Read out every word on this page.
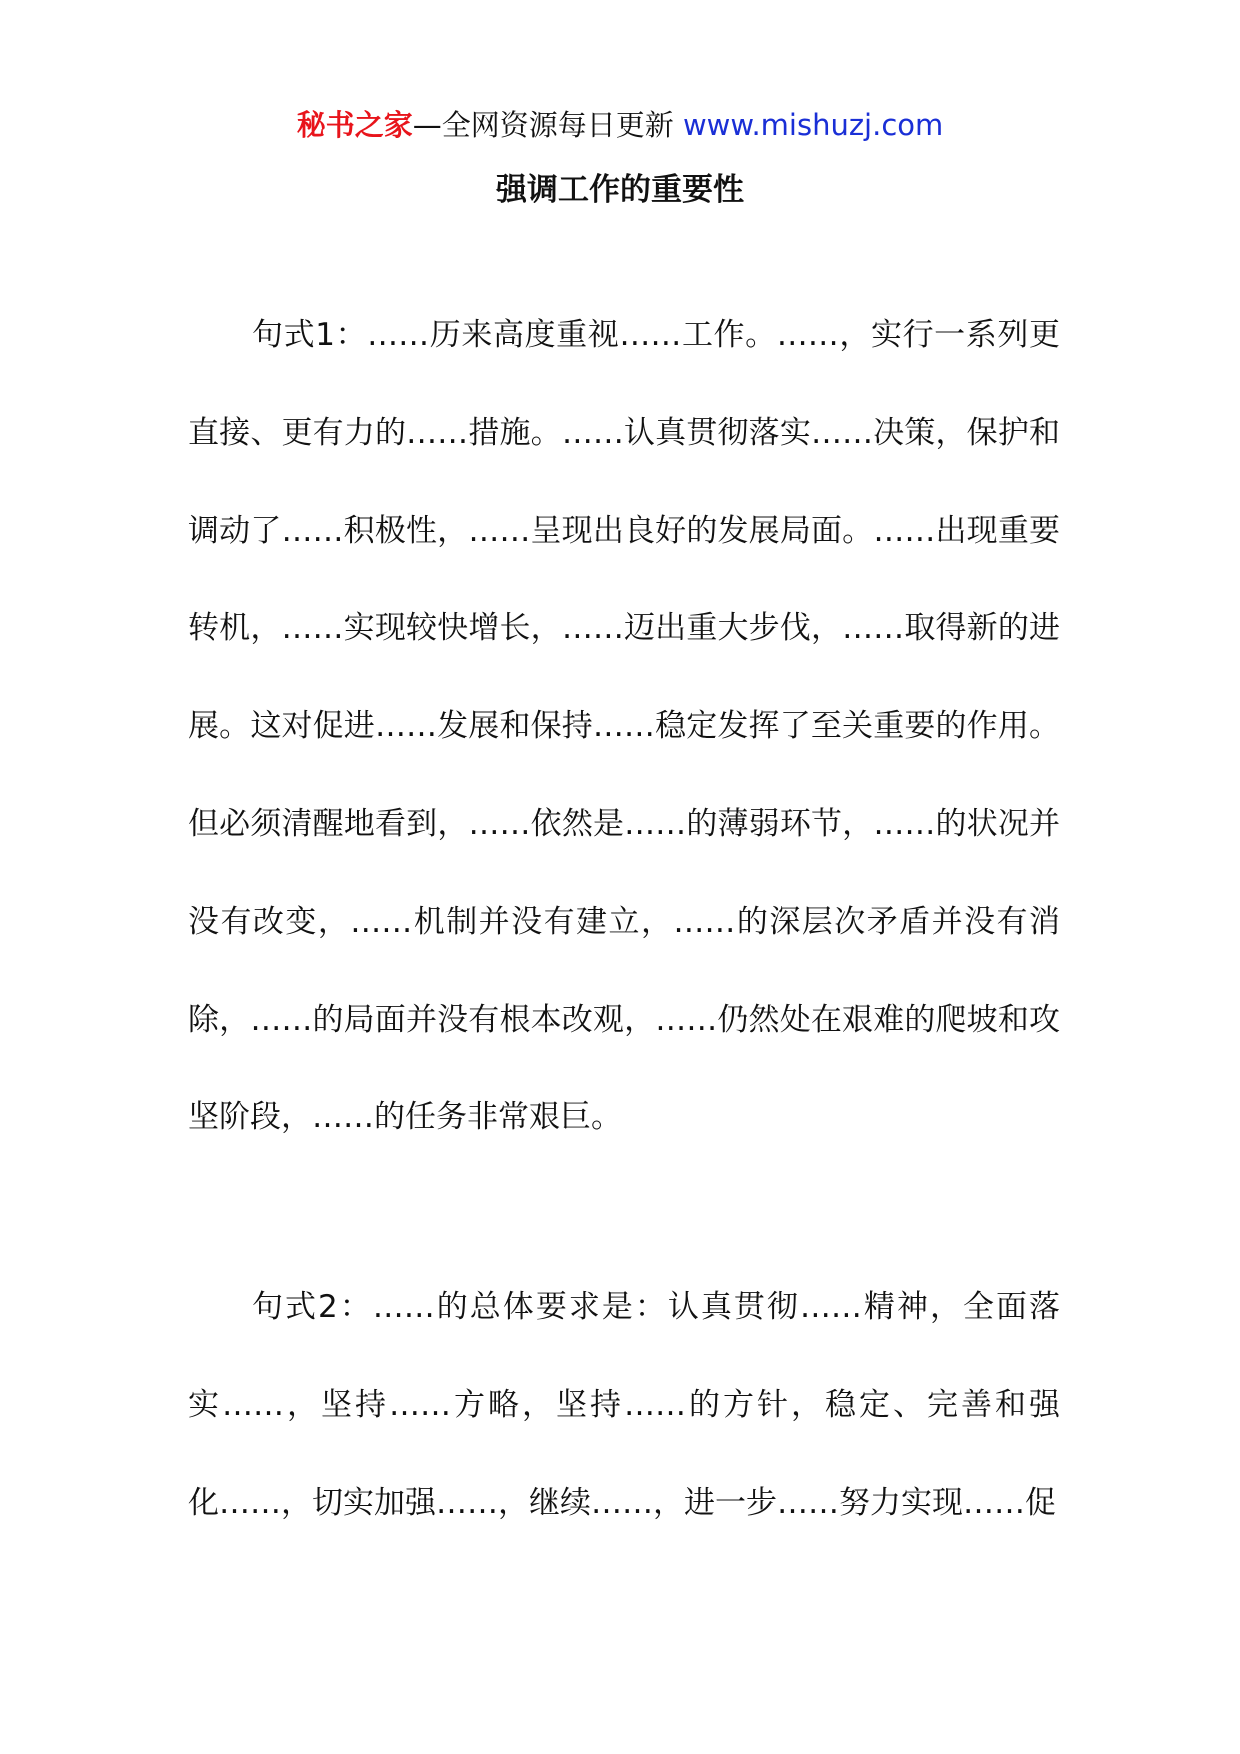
秘书之家—全网资源每日更新 www.mishuzj.com
强调工作的重要性

句式1：……历来高度重视……工作。……，实行一系列更直接、更有力的……措施。……认真贯彻落实……决策，保护和调动了……积极性，……呈现出良好的发展局面。……出现重要转机，……实现较快增长，……迈出重大步伐，……取得新的进展。这对促进……发展和保持……稳定发挥了至关重要的作用。但必须清醒地看到，……依然是……的薄弱环节，……的状况并没有改变，……机制并没有建立，……的深层次矛盾并没有消除，……的局面并没有根本改观，……仍然处在艰难的爬坡和攻坚阶段，……的任务非常艰巨。

句式2：……的总体要求是：认真贯彻……精神，全面落实……，坚持……方略，坚持……的方针，稳定、完善和强化……，切实加强……，继续……，进一步……努力实现……促
